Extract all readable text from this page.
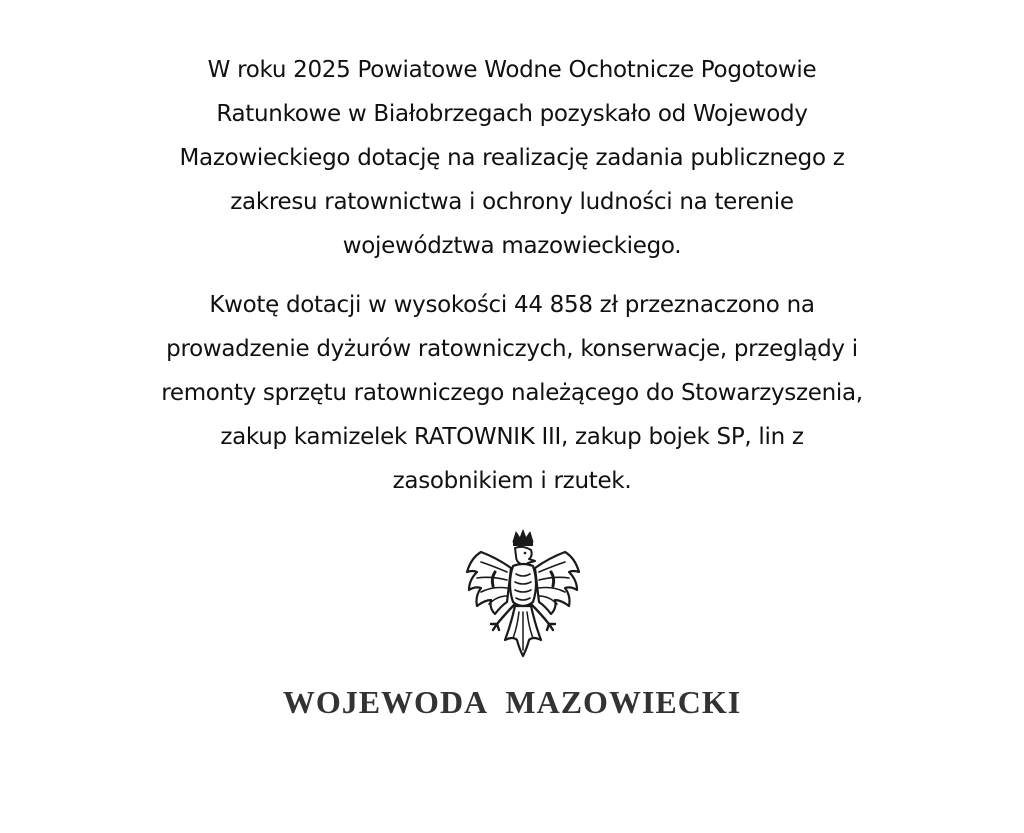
W roku 2025 Powiatowe Wodne Ochotnicze Pogotowie
Ratunkowe w Białobrzegach pozyskało od Wojewody
Mazowieckiego dotację na realizację zadania publicznego z
zakresu ratownictwa i ochrony ludności na terenie
województwa mazowieckiego.
Kwotę dotacji w wysokości 44 858 zł przeznaczono na
prowadzenie dyżurów ratowniczych, konserwacje, przeglądy i
remonty sprzętu ratowniczego należącego do Stowarzyszenia,
zakup kamizelek RATOWNIK III, zakup bojek SP, lin z
zasobnikiem i rzutek.
WOJEWODA MAZOWIECKI
